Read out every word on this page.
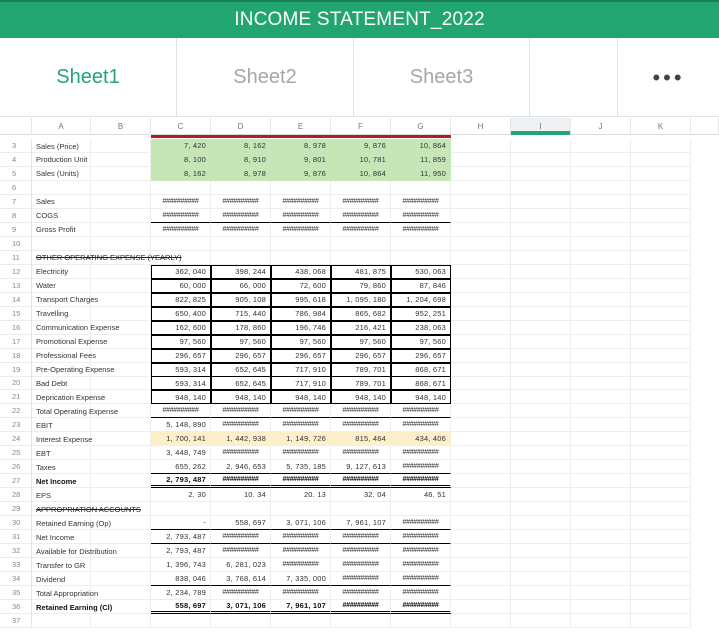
INCOME STATEMENT_2022
Sheet1	Sheet2	Sheet3	•••
A	B	C	D	E	F	G	H	I	J	K
3	Sales (Price)	7, 420	8, 162	8, 978	9, 876	10, 864
4	Production Unit	8, 100	8, 910	9, 801	10, 781	11, 859
5	Sales (Units)	8, 162	8, 978	9, 876	10, 864	11, 950
6
7	Sales	##########	##########	##########	##########	##########
8	COGS	##########	##########	##########	##########	##########
9	Gross Profit	##########	##########	##########	##########	##########
10
11	OTHER OPERATING EXPENSE (YEARLY)
12	Electricity	362, 040	398, 244	438, 068	481, 875	530, 063
13	Water	60, 000	66, 000	72, 600	79, 860	87, 846
14	Transport Charges	822, 825	905, 108	995, 618	1, 095, 180	1, 204, 698
15	Travelling	650, 400	715, 440	786, 984	865, 682	952, 251
16	Communication Expense	162, 600	178, 860	196, 746	216, 421	238, 063
17	Promotional Expense	97, 560	97, 560	97, 560	97, 560	97, 560
18	Professional Fees	296, 657	296, 657	296, 657	296, 657	296, 657
19	Pre-Operating Expense	593, 314	652, 645	717, 910	789, 701	868, 671
20	Bad Debt	593, 314	652, 645	717, 910	789, 701	868, 671
21	Deprication Expense	948, 140	948, 140	948, 140	948, 140	948, 140
22	Total Operating Expense	##########	##########	##########	##########	##########
23	EBIT	5, 148, 890	##########	##########	##########	##########
24	Interest Expense	1, 700, 141	1, 442, 938	1, 149, 726	815, 464	434, 406
25	EBT	3, 448, 749	##########	##########	##########	##########
26	Taxes	655, 262	2, 946, 653	5, 735, 185	9, 127, 613	##########
27	Net Income	2, 793, 487	##########	##########	##########	##########
28	EPS	2. 30	10. 34	20. 13	32. 04	46. 51
29	APPROPRIATION ACCOUNTS
30	Retained Earning (Op)	-	558, 697	3, 071, 106	7, 961, 107	##########
31	Net Income	2, 793, 487	##########	##########	##########	##########
32	Available for Distribution	2, 793, 487	##########	##########	##########	##########
33	Transfer to GR	1, 396, 743	6, 281, 023	##########	##########	##########
34	Dividend	838, 046	3, 768, 614	7, 335, 000	##########	##########
35	Total Appropriation	2, 234, 789	##########	##########	##########	##########
36	Retained Earning (Cl)	558, 697	3, 071, 106	7, 961, 107	##########	##########
37
